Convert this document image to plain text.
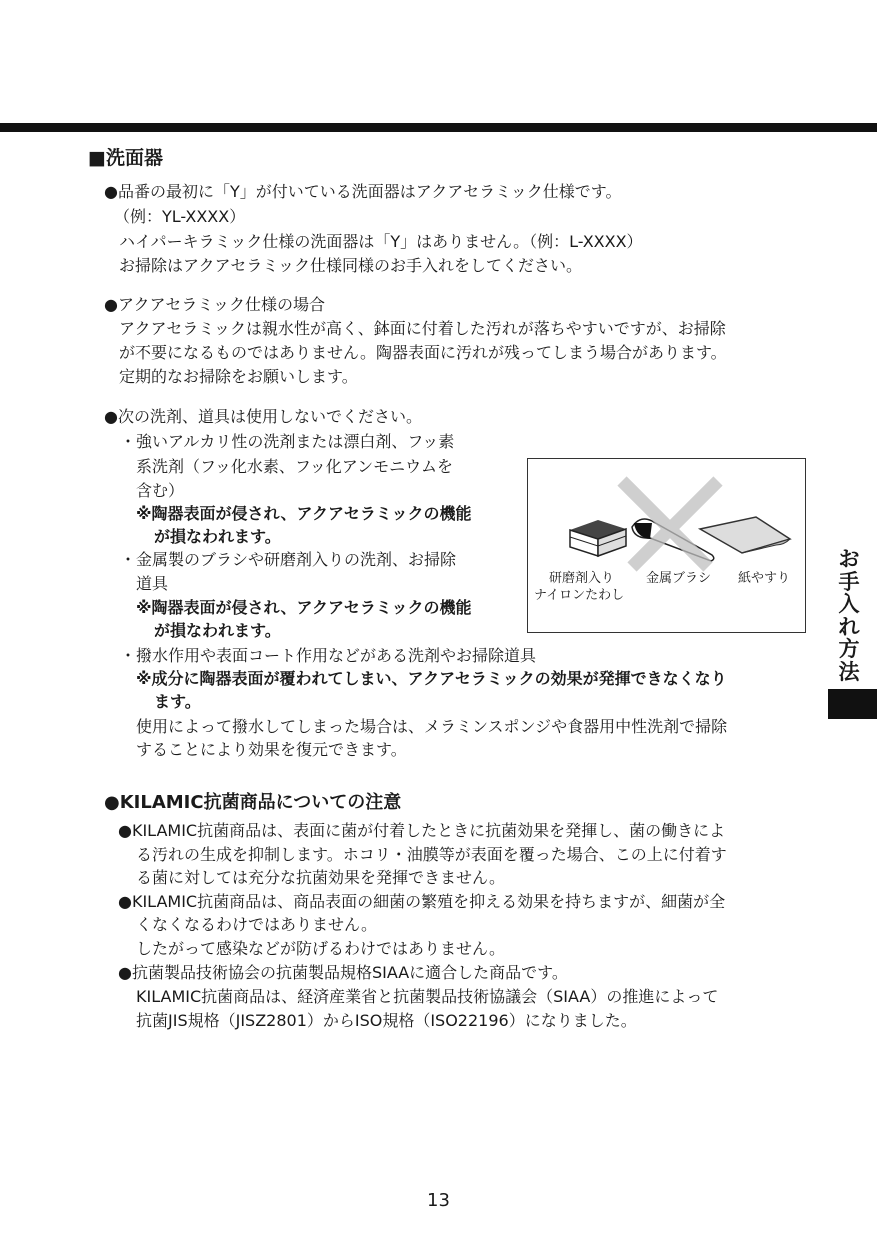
■洗面器
●品番の最初に「Y」が付いている洗面器はアクアセラミック仕様です。
（例：YL-XXXX）
ハイパーキラミック仕様の洗面器は「Y」はありません。（例：L-XXXX）
お掃除はアクアセラミック仕様同様のお手入れをしてください。
●アクアセラミック仕様の場合
アクアセラミックは親水性が高く、鉢面に付着した汚れが落ちやすいですが、お掃除
が不要になるものではありません。陶器表面に汚れが残ってしまう場合があります。
定期的なお掃除をお願いします。
●次の洗剤、道具は使用しないでください。
・強いアルカリ性の洗剤または漂白剤、フッ素
系洗剤（フッ化水素、フッ化アンモニウムを
含む）
※陶器表面が侵され、アクアセラミックの機能
が損なわれます。
・金属製のブラシや研磨剤入りの洗剤、お掃除
道具
※陶器表面が侵され、アクアセラミックの機能
が損なわれます。
・撥水作用や表面コート作用などがある洗剤やお掃除道具
※成分に陶器表面が覆われてしまい、アクアセラミックの効果が発揮できなくなり
ます。
使用によって撥水してしまった場合は、メラミンスポンジや食器用中性洗剤で掃除
することにより効果を復元できます。
研磨剤入り
ナイロンたわし
金属ブラシ 紙やすり
●KILAMIC抗菌商品についての注意
●KILAMIC抗菌商品は、表面に菌が付着したときに抗菌効果を発揮し、菌の働きによ
る汚れの生成を抑制します。ホコリ・油膜等が表面を覆った場合、この上に付着す
る菌に対しては充分な抗菌効果を発揮できません。
●KILAMIC抗菌商品は、商品表面の細菌の繁殖を抑える効果を持ちますが、細菌が全
くなくなるわけではありません。
したがって感染などが防げるわけではありません。
●抗菌製品技術協会の抗菌製品規格SIAAに適合した商品です。
KILAMIC抗菌商品は、経済産業省と抗菌製品技術協議会（SIAA）の推進によって
抗菌JIS規格（JISZ2801）からISO規格（ISO22196）になりました。
お
手
入
れ
方
法
13
